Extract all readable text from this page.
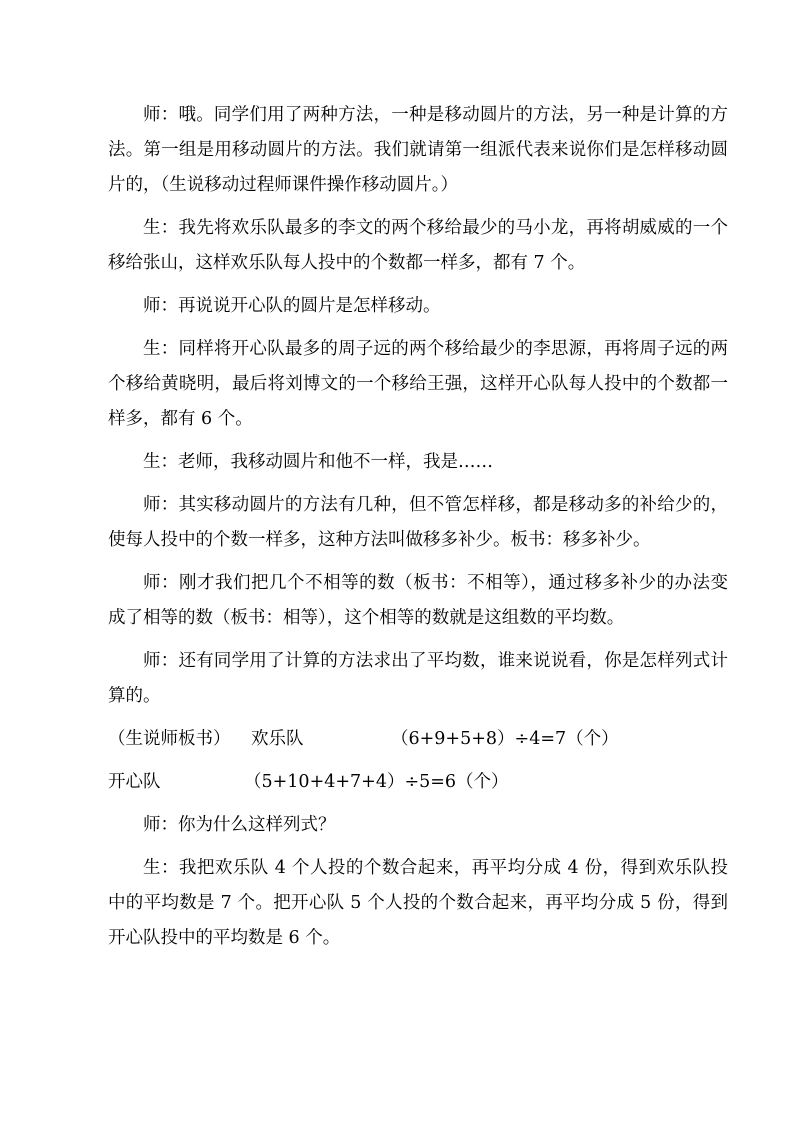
师：哦。同学们用了两种方法，一种是移动圆片的方法，另一种是计算的方法。第一组是用移动圆片的方法。我们就请第一组派代表来说你们是怎样移动圆片的，（生说移动过程师课件操作移动圆片。）

生：我先将欢乐队最多的李文的两个移给最少的马小龙，再将胡威威的一个移给张山，这样欢乐队每人投中的个数都一样多，都有 7 个。

师：再说说开心队的圆片是怎样移动。

生：同样将开心队最多的周子远的两个移给最少的李思源，再将周子远的两个移给黄晓明，最后将刘博文的一个移给王强，这样开心队每人投中的个数都一样多，都有 6 个。

生：老师，我移动圆片和他不一样，我是……

师：其实移动圆片的方法有几种，但不管怎样移，都是移动多的补给少的，使每人投中的个数一样多，这种方法叫做移多补少。板书：移多补少。

师：刚才我们把几个不相等的数（板书：不相等），通过移多补少的办法变成了相等的数（板书：相等），这个相等的数就是这组数的平均数。

师：还有同学用了计算的方法求出了平均数，谁来说说看，你是怎样列式计算的。

（生说师板书）	欢乐队	（6+9+5+8）÷4=7（个）
开心队	（5+10+4+7+4）÷5=6（个）

师：你为什么这样列式？

生：我把欢乐队 4 个人投的个数合起来，再平均分成 4 份，得到欢乐队投中的平均数是 7 个。把开心队 5 个人投的个数合起来，再平均分成 5 份，得到开心队投中的平均数是 6 个。
